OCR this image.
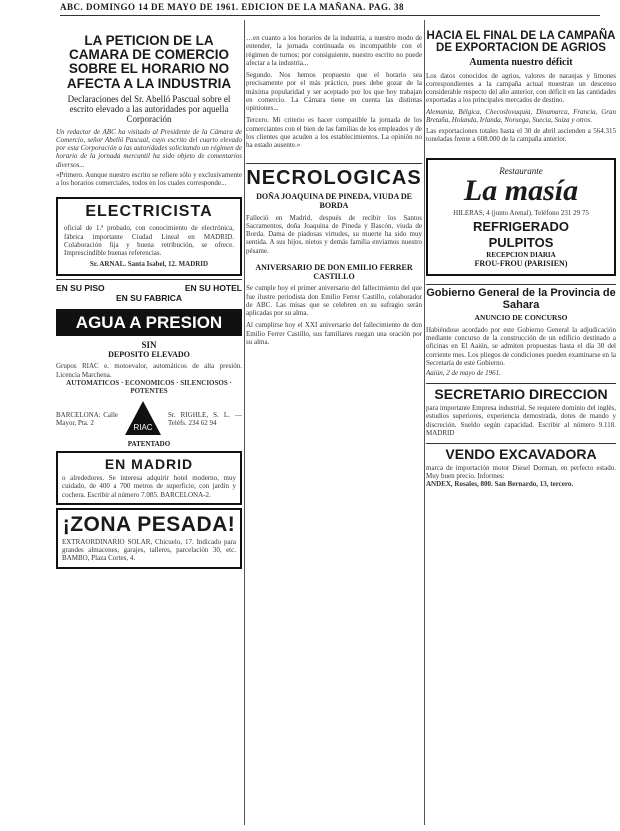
ABC. DOMINGO 14 DE MAYO DE 1961. EDICION DE LA MAÑANA. PAG. 38
LA PETICION DE LA CAMARA DE COMERCIO SOBRE EL HORARIO NO AFECTA A LA INDUSTRIA
Declaraciones del Sr. Abelló Pascual sobre el escrito elevado a las autoridades por aquella Corporación

Un redactor de ABC ha visitado al Presidente de la Cámara de Comercio, señor Abelló Pascual, cuyo escrito del cuarto elevado por esta Corporación a las autoridades solicitando un régimen de horario de la jornada mercantil ha sido objeto de comentarios diversos...

«Primero. Aunque nuestro escrito se refiere sólo y exclusivamente a los horarios comerciales, todos en los cuales corresponde...

ELECTRICISTA

oficial de 1.ª probado, con conocimiento de electrónica, fábrica importante Ciudad Lineal en MADRID. Colaboración fija y buena retribución, se ofrece. Imprescindible buenas referencias.

Sr. ARNAL. Santa Isabel, 12. MADRID

EN SU PISO	EN SU HOTEL
EN SU FABRICA
AGUA A PRESION
SIN
DEPOSITO ELEVADO

Grupos RIAC e. motoevalor, automáticos de alta presión. Licencia Marchena.

AUTOMATICOS · ECONOMICOS · SILENCIOSOS · POTENTES

BARCELONA: Calle Mayor, Pta. 2	RIAC

Sr. RIGHLE, S. L. — Teléfs. 234 62 94

PATENTADO
EN MADRID

o alrededores. Se interesa adquirir hotel moderno, muy cuidado, de 400 a 700 metros de superficie, con jardín y cochera. Escribir al número 7.085. BARCELONA-2.

¡ZONA PESADA!

EXTRAORDINARIO SOLAR, Chicuelo, 17. Indicado para grandes almacenes, garajes, talleres, parcelación 30, etc. BAMBO, Plaza Cortes, 4.

…en cuanto a los horarios de la industria, a nuestro modo de entender, la jornada continuada es incompatible con el régimen de turnos; por consiguiente, nuestro escrito no puede afectar a la industria...

Segundo. Nos hemos propuesto que el horario sea precisamente por el más práctico, pues debe gozar de la máxima popularidad y ser aceptado por los que hoy trabajan en comercio. La Cámara tiene en cuenta las distintas opiniones...

Tercero. Mi criterio es hacer compatible la jornada de los comerciantes con el bien de las familias de los empleados y de los clientes que acuden a los establecimientos. La opinión no ha estado ausente.»

NECROLOGICAS
DOÑA JOAQUINA DE PINEDA, VIUDA DE BORDA

Falleció en Madrid, después de recibir los Santos Sacramentos, doña Joaquina de Pineda y Bascón, viuda de Borda. Dama de piadosas virtudes, su muerte ha sido muy sentida. A sus hijos, nietos y demás familia enviamos nuestro pésame.

ANIVERSARIO DE DON EMILIO FERRER CASTILLO

Se cumple hoy el primer aniversario del fallecimiento del que fue ilustre periodista don Emilio Ferrer Castillo, colaborador de ABC. Las misas que se celebren en su sufragio serán aplicadas por su alma.

Al cumplirse hoy el XXI aniversario del fallecimiento de don Emilio Ferrer Castillo, sus familiares ruegan una oración por su alma.

HACIA EL FINAL DE LA CAMPAÑA DE EXPORTACION DE AGRIOS
Aumenta nuestro déficit

Los datos conocidos de agrios, valores de naranjas y limones correspondientes a la campaña actual muestran un descenso considerable respecto del año anterior, con déficit en las cantidades exportadas a los principales mercados de destino.

Alemania, Bélgica, Checoslovaquia, Dinamarca, Francia, Gran Bretaña, Holanda, Irlanda, Noruega, Suecia, Suiza y otros.

Las exportaciones totales hasta el 30 de abril ascienden a 564.315 toneladas frente a 608.000 de la campaña anterior.

Restaurante
La masía

HILERAS, 4 (junto Arenal). Teléfono 231 29 75

REFRIGERADO
PULPITOS
RECEPCION DIARIA
FROU-FROU (PARISIEN)
Gobierno General de la Provincia de Sahara
ANUNCIO DE CONCURSO

Habiéndose acordado por este Gobierno General la adjudicación mediante concurso de la construcción de un edificio destinado a oficinas en El Aaiún, se admiten propuestas hasta el día 30 del corriente mes. Los pliegos de condiciones pueden examinarse en la Secretaría de este Gobierno.

Aaiún, 2 de mayo de 1961.

SECRETARIO DIRECCION

para importante Empresa industrial. Se requiere dominio del inglés, estudios superiores, experiencia demostrada, dotes de mando y discreción. Sueldo según capacidad. Escribir al número 9.118. MADRID

VENDO EXCAVADORA

marca de importación motor Diesel Dorman, en perfecto estado. Muy buen precio. Informes:

ANDEX, Rosales, 800. San Bernardo, 13, tercero.
